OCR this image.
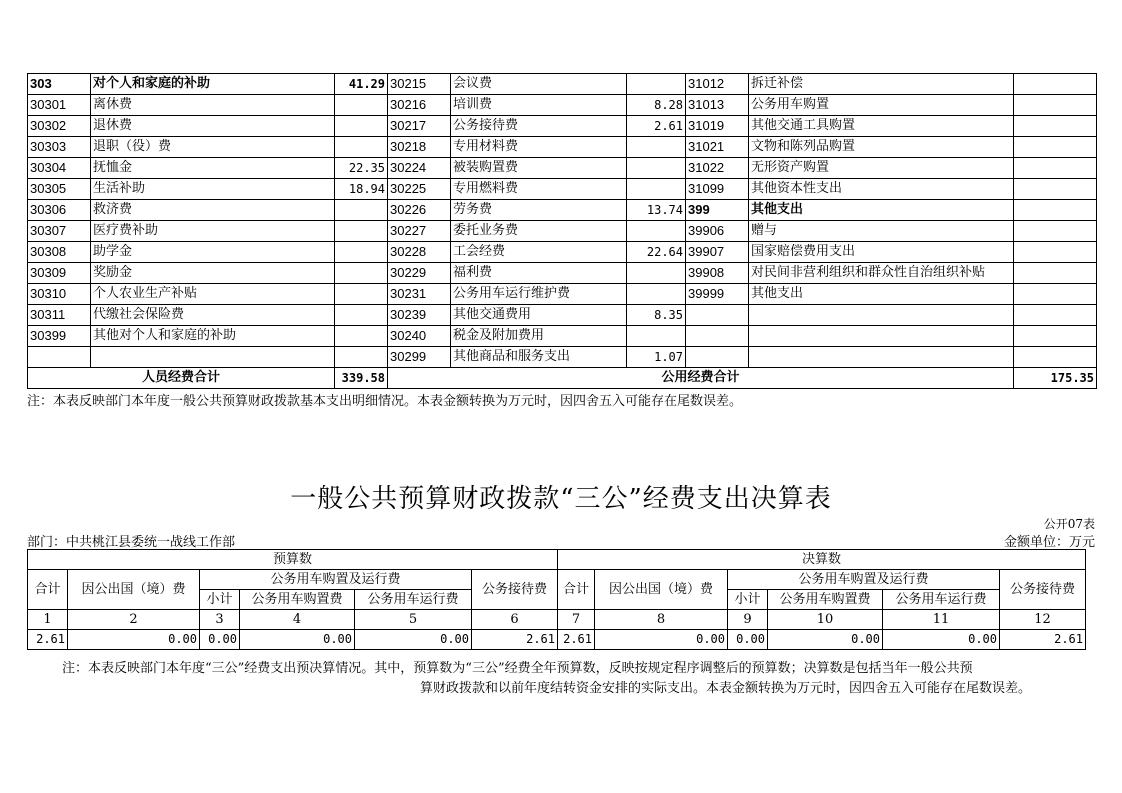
303	对个人和家庭的补助	41.29	30215	会议费		31012	拆迁补偿	
30301	离休费		30216	培训费	8.28	31013	公务用车购置	
30302	退休费		30217	公务接待费	2.61	31019	其他交通工具购置	
30303	退职（役）费		30218	专用材料费		31021	文物和陈列品购置	
30304	抚恤金	22.35	30224	被装购置费		31022	无形资产购置	
30305	生活补助	18.94	30225	专用燃料费		31099	其他资本性支出	
30306	救济费		30226	劳务费	13.74	399	其他支出	
30307	医疗费补助		30227	委托业务费		39906	赠与	
30308	助学金		30228	工会经费	22.64	39907	国家赔偿费用支出	
30309	奖励金		30229	福利费		39908	对民间非营利组织和群众性自治组织补贴	
30310	个人农业生产补贴		30231	公务用车运行维护费		39999	其他支出	
30311	代缴社会保险费		30239	其他交通费用	8.35			
30399	其他对个人和家庭的补助		30240	税金及附加费用				
			30299	其他商品和服务支出	1.07			
人员经费合计		339.58	公用经费合计					175.35
注：本表反映部门本年度一般公共预算财政拨款基本支出明细情况。本表金额转换为万元时，因四舍五入可能存在尾数误差。
一般公共预算财政拨款“三公”经费支出决算表
公开07表
部门：中共桃江县委统一战线工作部	金额单位：万元
预算数						决算数					
合计	因公出国（境）费	公务用车购置及运行费			公务接待费	合计	因公出国（境）费	公务用车购置及运行费			公务接待费
		小计	公务用车购置费	公务用车运行费				小计	公务用车购置费	公务用车运行费	
1	2	3	4	5	6	7	8	9	10	11	12
2.61	0.00	0.00	0.00	0.00	2.61	2.61	0.00	0.00	0.00	0.00	2.61
注：本表反映部门本年度“三公”经费支出预决算情况。其中，预算数为“三公”经费全年预算数，反映按规定程序调整后的预算数；决算数是包括当年一般公共预
算财政拨款和以前年度结转资金安排的实际支出。本表金额转换为万元时，因四舍五入可能存在尾数误差。
